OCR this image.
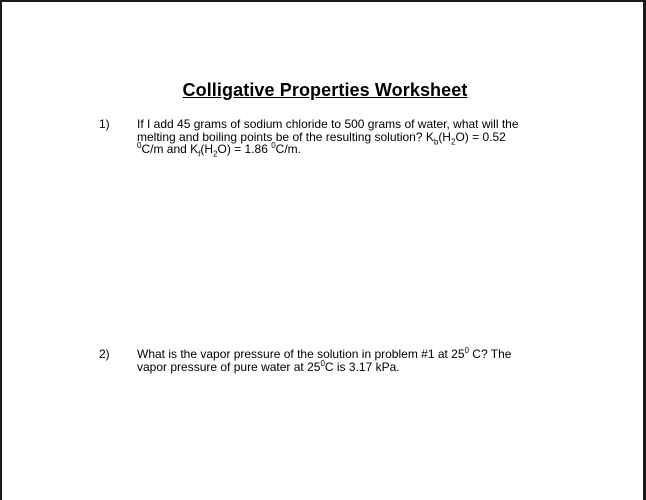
Colligative Properties Worksheet
1)	If I add 45 grams of sodium chloride to 500 grams of water, what will the
melting and boiling points be of the resulting solution? $K_b(H_2O) = 0.52$
$^0$C/m and $K_f(H_2O) = 1.86$ $^0$C/m.
2)	What is the vapor pressure of the solution in problem #1 at $25^0$ C? The
vapor pressure of pure water at $25^0C$ is 3.17 kPa.
